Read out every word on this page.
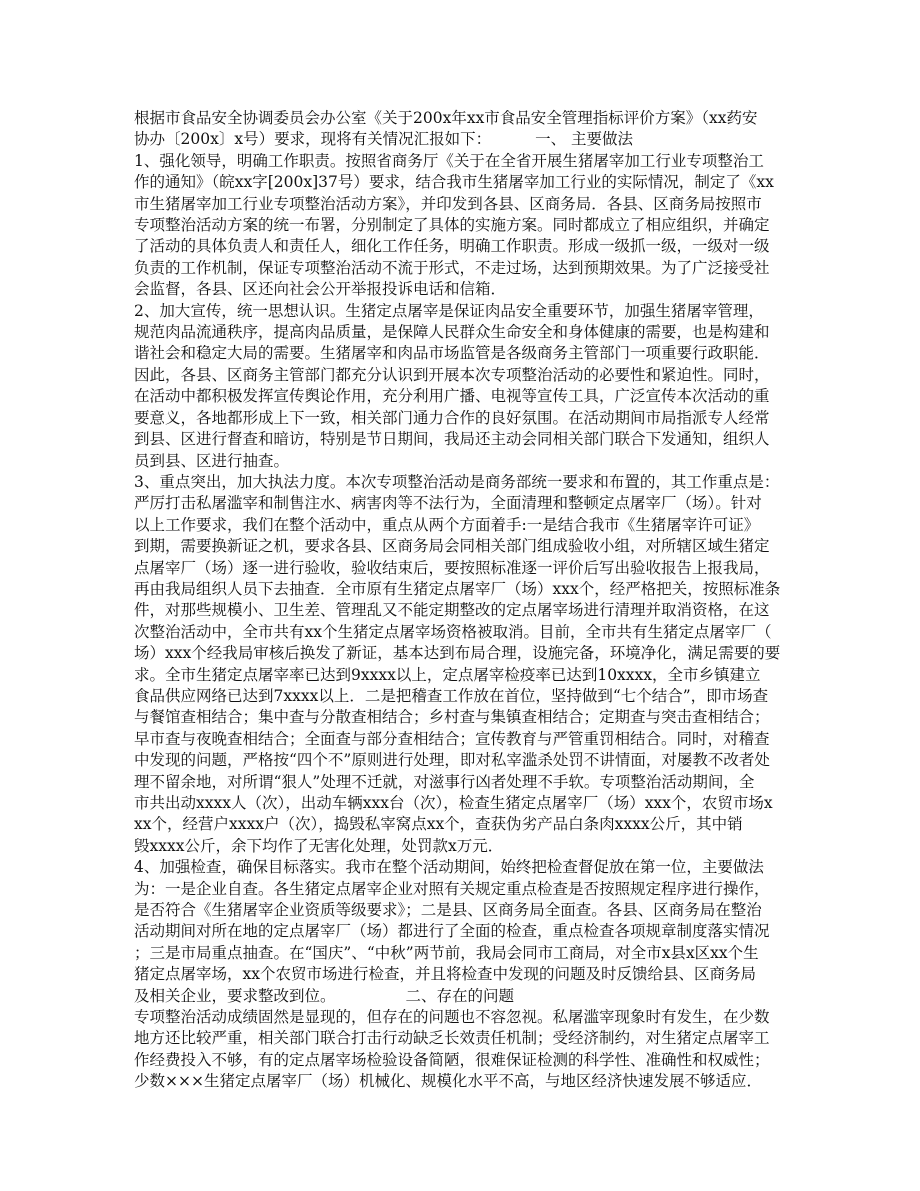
根据市食品安全协调委员会办公室《关于200x年xx市食品安全管理指标评价方案》（xx药安
协办〔200x〕x号）要求，现将有关情况汇报如下：	一、 主要做法
1、强化领导，明确工作职责。按照省商务厅《关于在全省开展生猪屠宰加工行业专项整治工
作的通知》（皖xx字[200x]37号）要求，结合我市生猪屠宰加工行业的实际情况，制定了《xx
市生猪屠宰加工行业专项整治活动方案》，并印发到各县、区商务局．各县、区商务局按照市
专项整治活动方案的统一布署，分别制定了具体的实施方案。同时都成立了相应组织，并确定
了活动的具体负责人和责任人，细化工作任务，明确工作职责。形成一级抓一级，一级对一级
负责的工作机制，保证专项整治活动不流于形式，不走过场，达到预期效果。为了广泛接受社
会监督，各县、区还向社会公开举报投诉电话和信箱．
2、加大宣传，统一思想认识。生猪定点屠宰是保证肉品安全重要环节，加强生猪屠宰管理，
规范肉品流通秩序，提高肉品质量，是保障人民群众生命安全和身体健康的需要，也是构建和
谐社会和稳定大局的需要。生猪屠宰和肉品市场监管是各级商务主管部门一项重要行政职能．
因此，各县、区商务主管部门都充分认识到开展本次专项整治活动的必要性和紧迫性。同时，
在活动中都积极发挥宣传舆论作用，充分利用广播、电视等宣传工具，广泛宣传本次活动的重
要意义，各地都形成上下一致，相关部门通力合作的良好氛围。在活动期间市局指派专人经常
到县、区进行督查和暗访，特别是节日期间，我局还主动会同相关部门联合下发通知，组织人
员到县、区进行抽查。
3、重点突出，加大执法力度。本次专项整治活动是商务部统一要求和布置的，其工作重点是：
严厉打击私屠滥宰和制售注水、病害肉等不法行为，全面清理和整顿定点屠宰厂（场）。针对
以上工作要求，我们在整个活动中，重点从两个方面着手:一是结合我市《生猪屠宰许可证》
到期，需要换新证之机，要求各县、区商务局会同相关部门组成验收小组，对所辖区域生猪定
点屠宰厂（场）逐一进行验收，验收结束后，要按照标准逐一评价后写出验收报告上报我局，
再由我局组织人员下去抽查．全市原有生猪定点屠宰厂（场）xxx个，经严格把关，按照标准条
件，对那些规模小、卫生差、管理乱又不能定期整改的定点屠宰场进行清理并取消资格，在这
次整治活动中，全市共有xx个生猪定点屠宰场资格被取消。目前，全市共有生猪定点屠宰厂（
场）xxx个经我局审核后换发了新证，基本达到布局合理，设施完备，环境净化，满足需要的要
求。全市生猪定点屠宰率已达到9xxxx以上，定点屠宰检疫率已达到10xxxx，全市乡镇建立
食品供应网络已达到7xxxx以上．二是把稽查工作放在首位，坚持做到“七个结合”，即市场查
与餐馆查相结合；集中查与分散查相结合；乡村查与集镇查相结合；定期查与突击查相结合；
早市查与夜晚查相结合；全面查与部分查相结合；宣传教育与严管重罚相结合。同时，对稽查
中发现的问题，严格按“四个不”原则进行处理，即对私宰滥杀处罚不讲情面，对屡教不改者处
理不留余地，对所谓“狠人”处理不迁就，对滋事行凶者处理不手软。专项整治活动期间，全
市共出动xxxx人（次），出动车辆xxx台（次），检查生猪定点屠宰厂（场）xxx个，农贸市场x
xx个，经营户xxxx户（次），捣毁私宰窝点xx个，查获伪劣产品白条肉xxxx公斤，其中销
毁xxxx公斤，余下均作了无害化处理，处罚款x万元．
4、加强检查，确保目标落实。我市在整个活动期间，始终把检查督促放在第一位，主要做法
为：一是企业自查。各生猪定点屠宰企业对照有关规定重点检查是否按照规定程序进行操作，
是否符合《生猪屠宰企业资质等级要求》；二是县、区商务局全面查。各县、区商务局在整治
活动期间对所在地的定点屠宰厂（场）都进行了全面的检查，重点检查各项规章制度落实情况
；三是市局重点抽查。在“国庆”、“中秋”两节前，我局会同市工商局，对全市x县x区xx个生
猪定点屠宰场，xx个农贸市场进行检查，并且将检查中发现的问题及时反馈给县、区商务局
及相关企业，要求整改到位。	二、存在的问题
专项整治活动成绩固然是显现的，但存在的问题也不容忽视。私屠滥宰现象时有发生，在少数
地方还比较严重，相关部门联合打击行动缺乏长效责任机制；受经济制约，对生猪定点屠宰工
作经费投入不够，有的定点屠宰场检验设备简陋，很难保证检测的科学性、准确性和权威性；
少数×××生猪定点屠宰厂（场）机械化、规模化水平不高，与地区经济快速发展不够适应．
